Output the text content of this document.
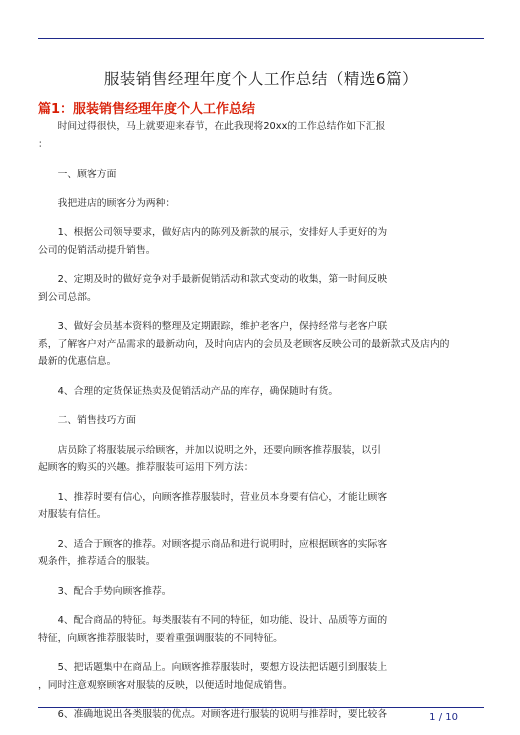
服装销售经理年度个人工作总结（精选6篇）
篇1：服装销售经理年度个人工作总结

　　时间过得很快，马上就要迎来春节，在此我现将20xx的工作总结作如下汇报
：

　　一、顾客方面

　　我把进店的顾客分为两种：

　　1、根据公司领导要求，做好店内的陈列及新款的展示，安排好人手更好的为
公司的促销活动提升销售。

　　2、定期及时的做好竞争对手最新促销活动和款式变动的收集，第一时间反映
到公司总部。

　　3、做好会员基本资料的整理及定期跟踪，维护老客户，保持经常与老客户联
系，了解客户对产品需求的最新动向，及时向店内的会员及老顾客反映公司的最新款式及店内的
最新的优惠信息。

　　4、合理的定货保证热卖及促销活动产品的库存，确保随时有货。

　　二、销售技巧方面

　　店员除了将服装展示给顾客，并加以说明之外，还要向顾客推荐服装，以引
起顾客的购买的兴趣。推荐服装可运用下列方法：

　　1、推荐时要有信心，向顾客推荐服装时，营业员本身要有信心，才能让顾客
对服装有信任。

　　2、适合于顾客的推荐。对顾客提示商品和进行说明时，应根据顾客的实际客
观条件，推荐适合的服装。

　　3、配合手势向顾客推荐。

　　4、配合商品的特征。每类服装有不同的特征，如功能、设计、品质等方面的
特征，向顾客推荐服装时，要着重强调服装的不同特征。

　　5、把话题集中在商品上。向顾客推荐服装时，要想方设法把话题引到服装上
，同时注意观察顾客对服装的反映，以便适时地促成销售。

　　6、准确地说出各类服装的优点。对顾客进行服装的说明与推荐时，要比较各	1 / 10
